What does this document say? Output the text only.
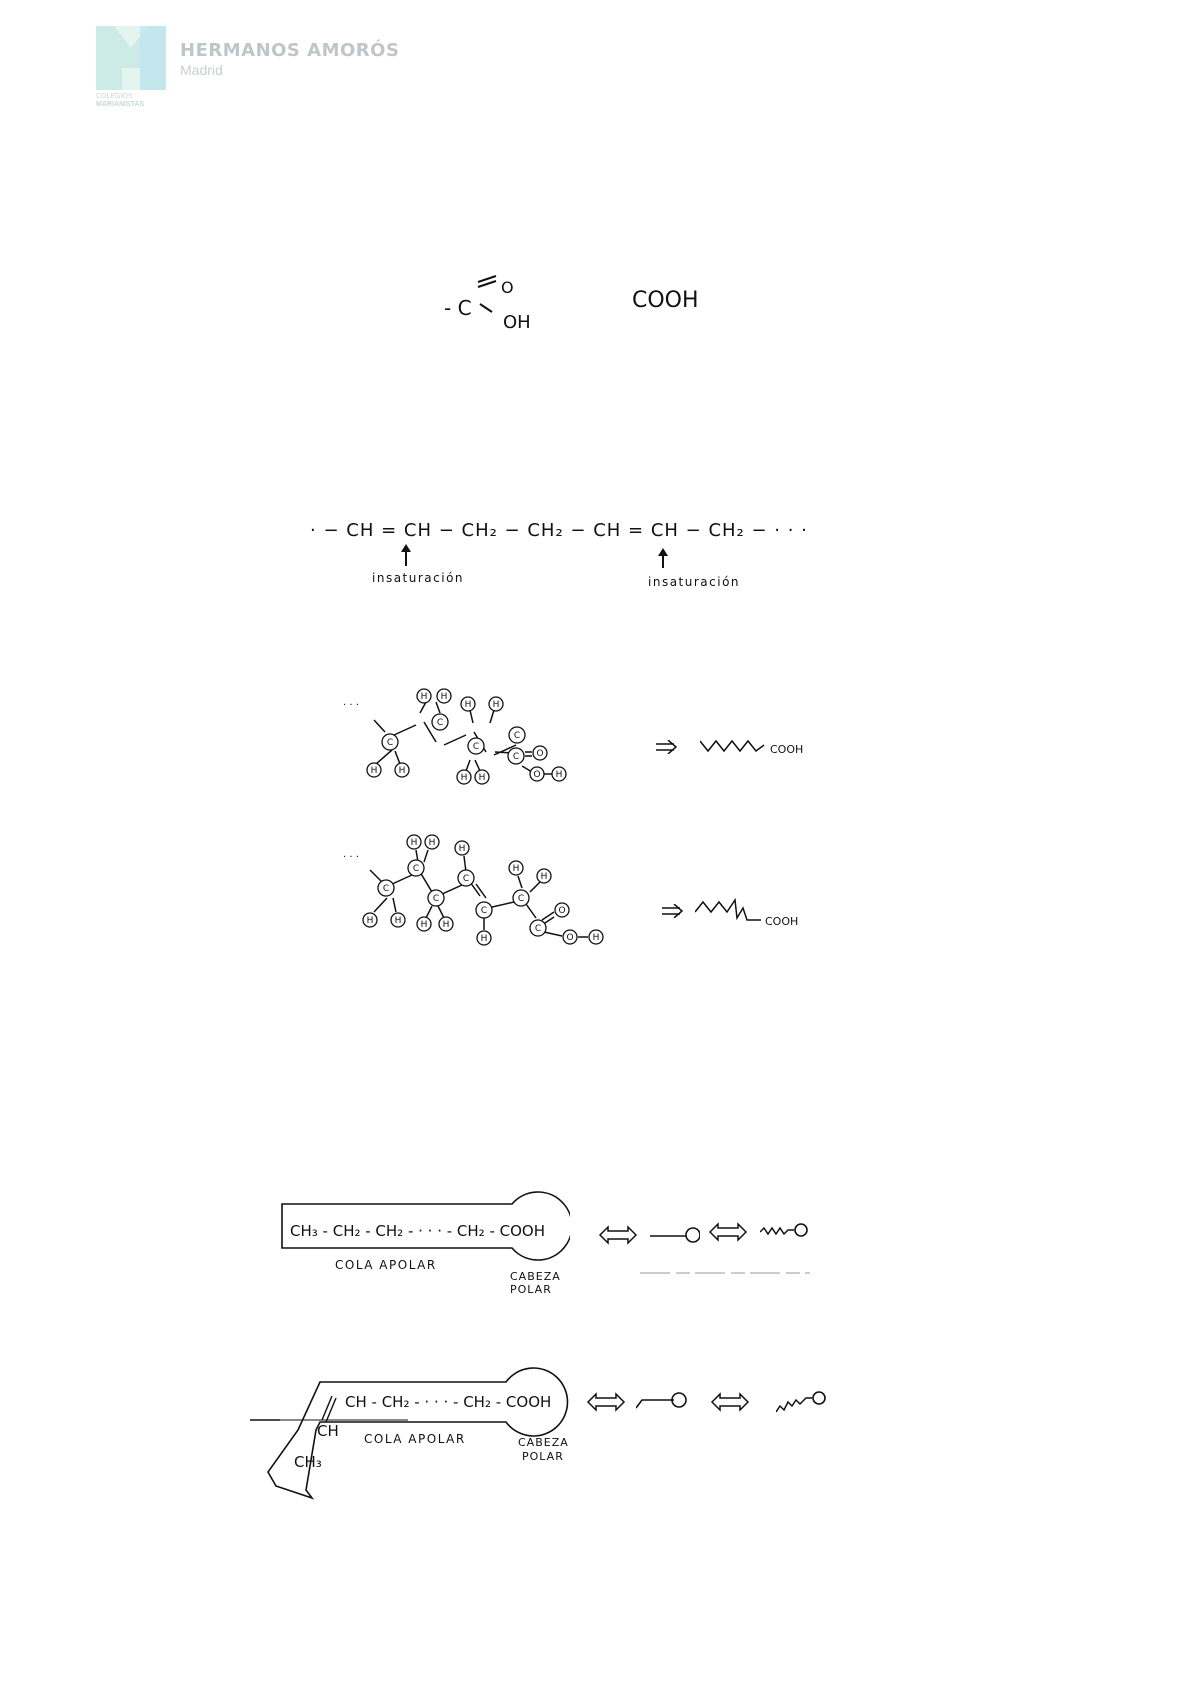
HERMANOS AMORÓS
Madrid
COLEGIOS
MARIANISTAS
- C
O
OH
COOH
· − CH = CH − CH₂ − CH₂ − CH = CH − CH₂ − · · ·
insaturación	insaturación
C
C
C
C
C O
O
H H
H H
H H
H H	H
· · ·
COOH
C
C
C
C
C
C
C
O
O H
H H
H
H
H
H H H H
H
· · ·
COOH
CH₃ - CH₂ - CH₂ - · · · - CH₂ - COOH
COLA APOLAR
CABEZA
POLAR
CH - CH₂ - · · · - CH₂ - COOH
CH
CH₃
COLA APOLAR	CABEZA
POLAR
